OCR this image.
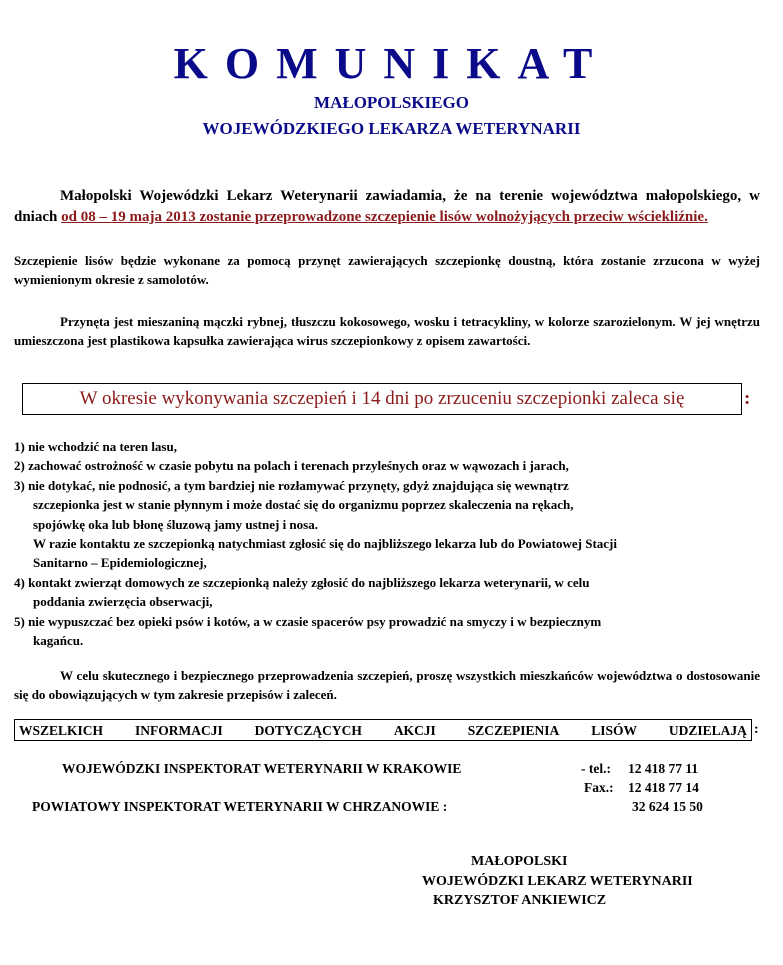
KOMUNIKAT
MAŁOPOLSKIEGO
WOJEWÓDZKIEGO LEKARZA WETERYNARII
Małopolski Wojewódzki Lekarz Weterynarii zawiadamia, że na terenie województwa małopolskiego, w dniach od 08 – 19 maja 2013 zostanie przeprowadzone szczepienie lisów wolnożyjących przeciw wściekliźnie.
Szczepienie lisów będzie wykonane za pomocą przynęt zawierających szczepionkę doustną, która zostanie zrzucona w wyżej wymienionym okresie z samolotów.
Przynęta jest mieszaniną mączki rybnej, tłuszczu kokosowego, wosku i tetracykliny, w kolorze szarozielonym. W jej wnętrzu umieszczona jest plastikowa kapsułka zawierająca wirus szczepionkowy z opisem zawartości.
W okresie wykonywania szczepień i 14 dni po zrzuceniu szczepionki zaleca się	:
1) nie wchodzić na teren lasu,
2) zachować ostrożność w czasie pobytu na polach i terenach przyleśnych oraz w wąwozach i jarach,
3) nie dotykać, nie podnosić, a tym bardziej nie rozłamywać przynęty, gdyż znajdująca się wewnątrz
szczepionka jest w stanie płynnym i może dostać się do organizmu poprzez skaleczenia na rękach,
spojówkę oka lub błonę śluzową jamy ustnej i nosa.
W razie kontaktu ze szczepionką natychmiast zgłosić się do najbliższego lekarza lub do Powiatowej Stacji
Sanitarno – Epidemiologicznej,
4) kontakt zwierząt domowych ze szczepionką należy zgłosić do najbliższego lekarza weterynarii, w celu
poddania zwierzęcia obserwacji,
5) nie wypuszczać bez opieki psów i kotów, a w czasie spacerów psy prowadzić na smyczy i w bezpiecznym
kagańcu.
W celu skutecznego i bezpiecznego przeprowadzenia szczepień, proszę wszystkich mieszkańców województwa o dostosowanie się do obowiązujących w tym zakresie przepisów i zaleceń.
WSZELKICH INFORMACJI DOTYCZĄCYCH AKCJI SZCZEPIENIA LISÓW UDZIELAJĄ :
WOJEWÓDZKI INSPEKTORAT WETERYNARII W KRAKOWIE	- tel.: 12 418 77 11
Fax.: 12 418 77 14
POWIATOWY INSPEKTORAT WETERYNARII W CHRZANOWIE :	32 624 15 50
MAŁOPOLSKI
WOJEWÓDZKI LEKARZ WETERYNARII
KRZYSZTOF ANKIEWICZ
